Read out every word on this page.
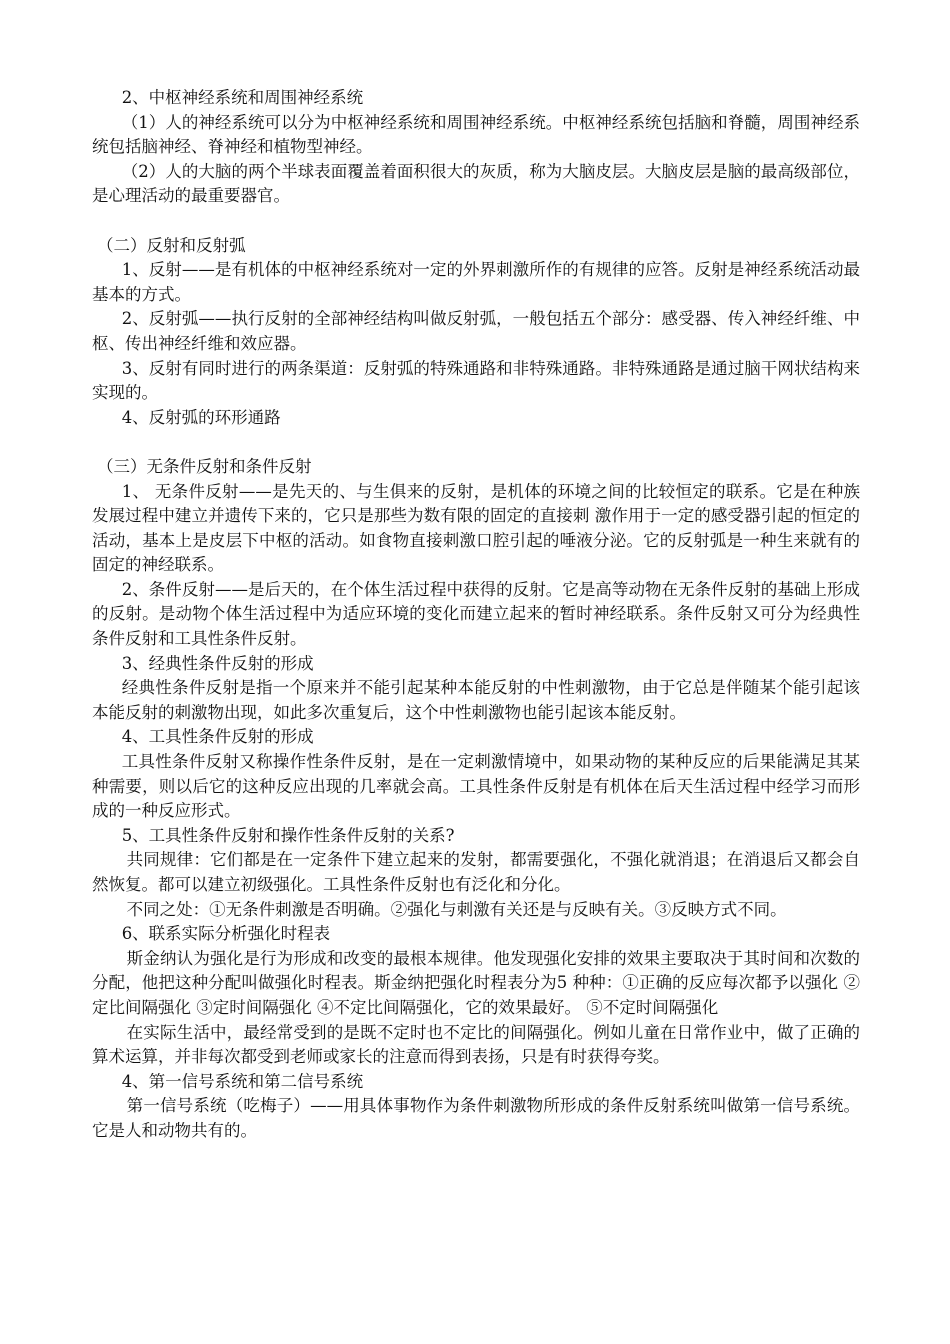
2、中枢神经系统和周围神经系统

（1）人的神经系统可以分为中枢神经系统和周围神经系统。中枢神经系统包括脑和脊髓，周围神经系统包括脑神经、脊神经和植物型神经。

（2）人的大脑的两个半球表面覆盖着面积很大的灰质，称为大脑皮层。大脑皮层是脑的最高级部位，是心理活动的最重要器官。

（二）反射和反射弧

1、反射——是有机体的中枢神经系统对一定的外界刺激所作的有规律的应答。反射是神经系统活动最基本的方式。

2、反射弧——执行反射的全部神经结构叫做反射弧，一般包括五个部分：感受器、传入神经纤维、中枢、传出神经纤维和效应器。

3、反射有同时进行的两条渠道：反射弧的特殊通路和非特殊通路。非特殊通路是通过脑干网状结构来实现的。

4、反射弧的环形通路

（三）无条件反射和条件反射

1、 无条件反射——是先天的、与生俱来的反射，是机体的环境之间的比较恒定的联系。它是在种族发展过程中建立并遗传下来的，它只是那些为数有限的固定的直接刺 激作用于一定的感受器引起的恒定的活动，基本上是皮层下中枢的活动。如食物直接刺激口腔引起的唾液分泌。它的反射弧是一种生来就有的固定的神经联系。

2、条件反射——是后天的，在个体生活过程中获得的反射。它是高等动物在无条件反射的基础上形成的反射。是动物个体生活过程中为适应环境的变化而建立起来的暂时神经联系。条件反射又可分为经典性条件反射和工具性条件反射。

3、经典性条件反射的形成

经典性条件反射是指一个原来并不能引起某种本能反射的中性刺激物，由于它总是伴随某个能引起该本能反射的刺激物出现，如此多次重复后，这个中性刺激物也能引起该本能反射。

4、工具性条件反射的形成

工具性条件反射又称操作性条件反射，是在一定刺激情境中，如果动物的某种反应的后果能满足其某种需要，则以后它的这种反应出现的几率就会高。工具性条件反射是有机体在后天生活过程中经学习而形成的一种反应形式。

5、工具性条件反射和操作性条件反射的关系?

共同规律：它们都是在一定条件下建立起来的发射，都需要强化，不强化就消退；在消退后又都会自然恢复。都可以建立初级强化。工具性条件反射也有泛化和分化。

不同之处：①无条件刺激是否明确。②强化与刺激有关还是与反映有关。③反映方式不同。

6、联系实际分析强化时程表

斯金纳认为强化是行为形成和改变的最根本规律。他发现强化安排的效果主要取决于其时间和次数的分配，他把这种分配叫做强化时程表。斯金纳把强化时程表分为5 种种：①正确的反应每次都予以强化 ②定比间隔强化 ③定时间隔强化 ④不定比间隔强化，它的效果最好。 ⑤不定时间隔强化

在实际生活中，最经常受到的是既不定时也不定比的间隔强化。例如儿童在日常作业中，做了正确的算术运算，并非每次都受到老师或家长的注意而得到表扬，只是有时获得夸奖。

4、第一信号系统和第二信号系统

第一信号系统（吃梅子）——用具体事物作为条件刺激物所形成的条件反射系统叫做第一信号系统。它是人和动物共有的。
